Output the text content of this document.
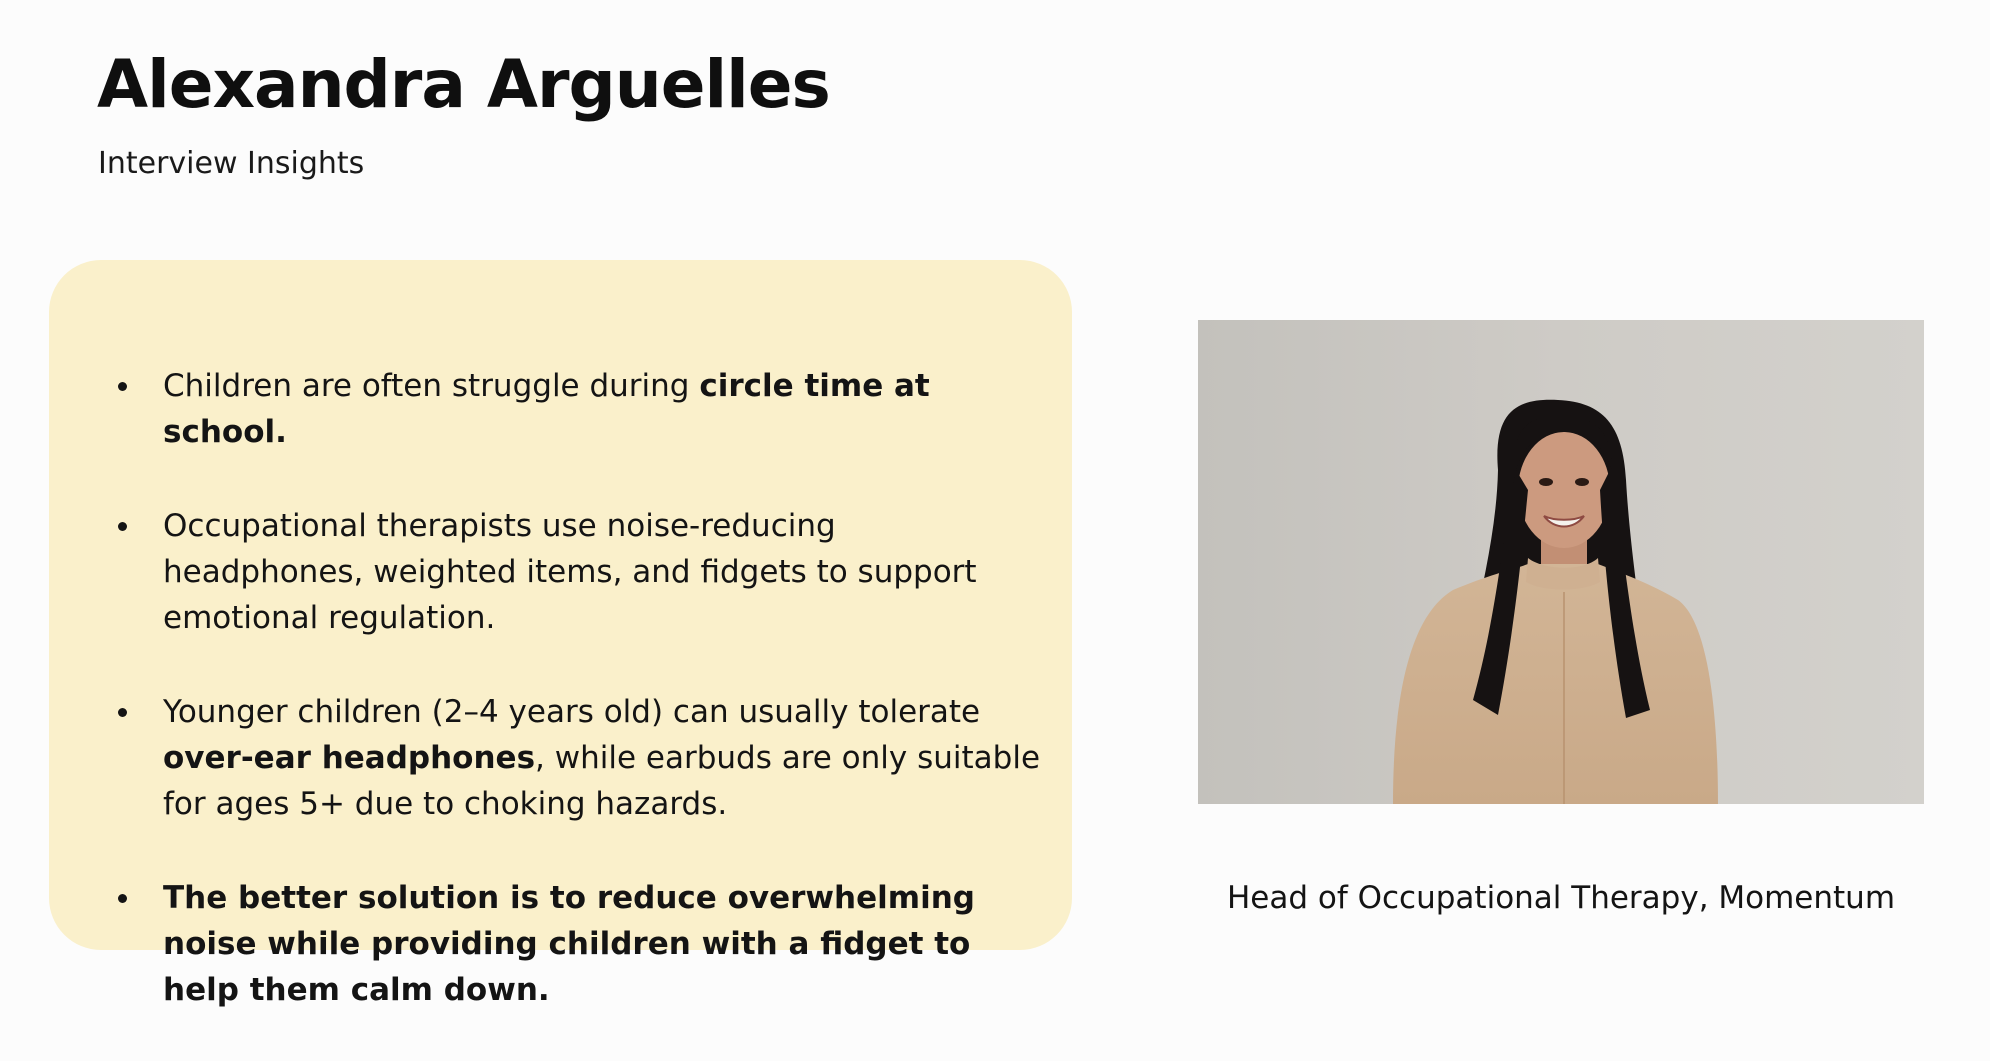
Alexandra Arguelles

Interview Insights

Children are often struggle during circle time at school.
Occupational therapists use noise-reducing headphones, weighted items, and fidgets to support emotional regulation.
Younger children (2–4 years old) can usually tolerate over-ear headphones, while earbuds are only suitable for ages 5+ due to choking hazards.
The better solution is to reduce overwhelming noise while providing children with a fidget to help them calm down.

Head of Occupational Therapy, Momentum
